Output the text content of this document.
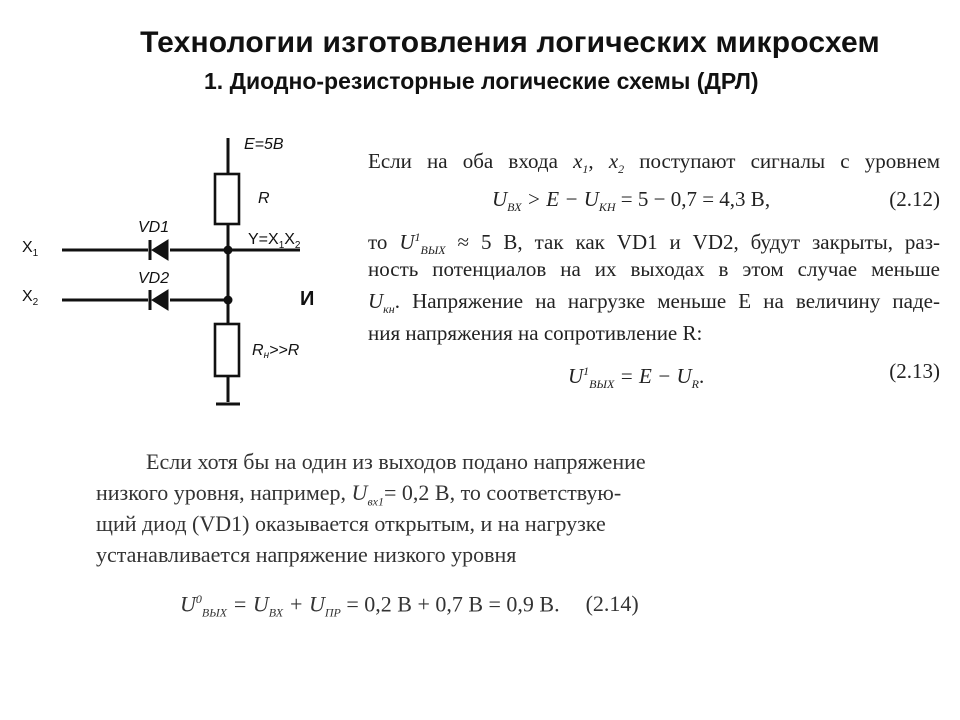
Технологии изготовления логических микросхем
1. Диодно-резисторные логические схемы (ДРЛ)
E=5B
R
VD1
VD2
$X_1$
$X_2$
$Y=X_1X_2$
И
Rн>>R
Если на оба входа $x_1$, $x_2$ поступают сигналы с уровнем
$U_{ВХ} > E - U_{КН} = 5 - 0,7 = 4,3$ В,	(2.12)
то $U^1_{ВЫХ} \approx 5$ В, так как VD1 и VD2, будут закрыты, раз-
ность потенциалов на их выходах в этом случае меньше
$U_{кн}$. Напряжение на нагрузке меньше E на величину паде-
ния напряжения на сопротивление R:
$U^1_{ВЫХ} = E - U_R$.	(2.13)
Если хотя бы на один из выходов подано напряжение
низкого уровня, например, $U_{вх1}= 0,2$ В, то соответствую-
щий диод (VD1) оказывается открытым, и на нагрузке
устанавливается напряжение низкого уровня
$U^0_{ВЫХ} = U_{ВХ} + U_{ПР} = 0,2$ В + 0,7 В = 0,9 В. (2.14)
